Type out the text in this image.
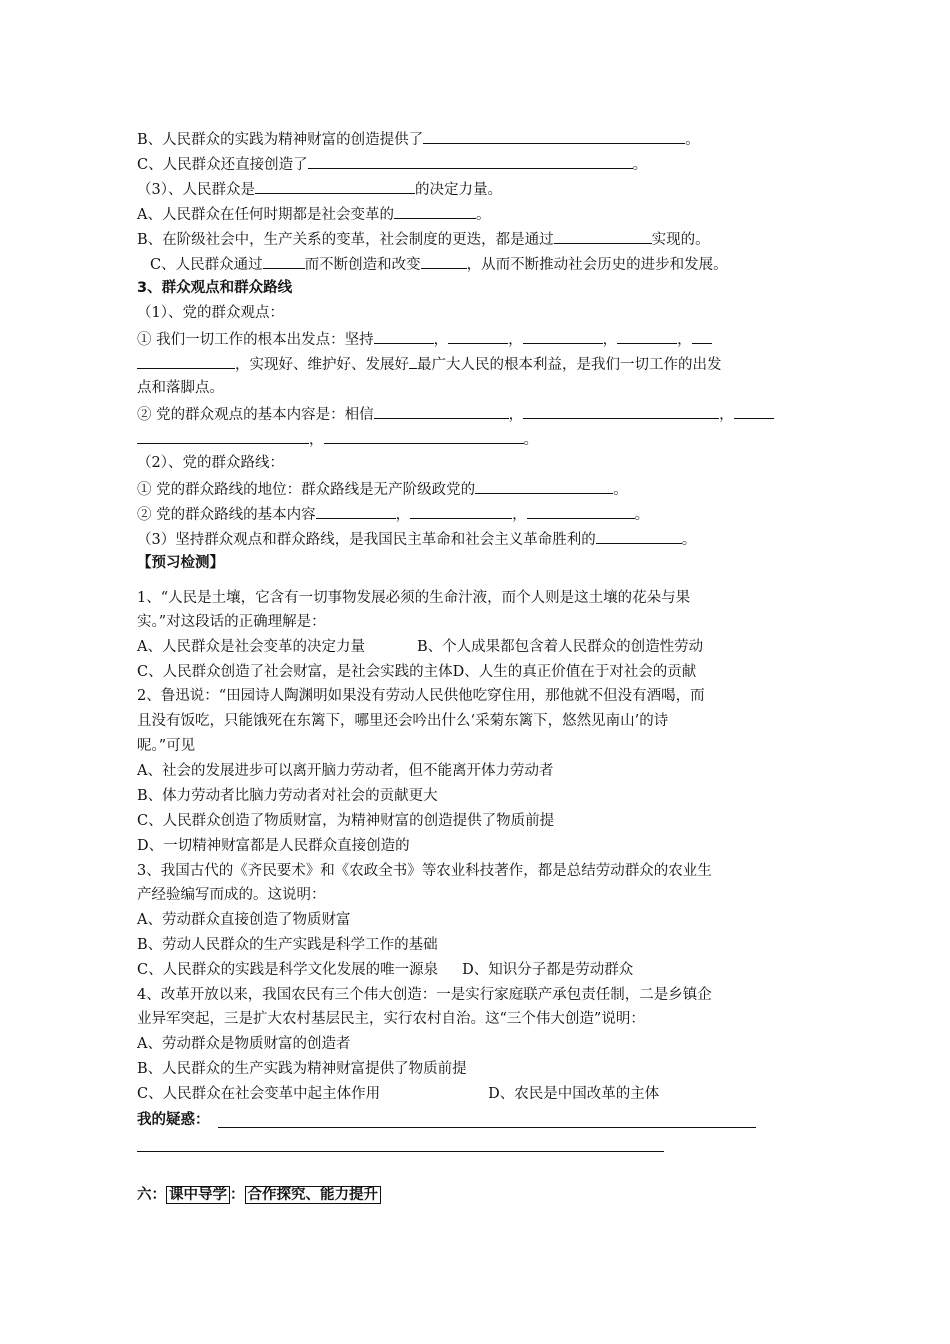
B、人民群众的实践为精神财富的创造提供了	。
C、人民群众还直接创造了	。
（3）、人民群众是	的决定力量。
A、人民群众在任何时期都是社会变革的	。
B、在阶级社会中，生产关系的变革，社会制度的更迭，都是通过	实现的。
C、人民群众通过	而不断创造和改变	，从而不断推动社会历史的进步和发展。
3、群众观点和群众路线
（1）、党的群众观点：
① 我们一切工作的根本出发点：坚持	，	，	，	，
，实现好、维护好、发展好 最广大人民的根本利益，是我们一切工作的出发
点和落脚点。
② 党的群众观点的基本内容是：相信	，	，
，	。
（2）、党的群众路线：
① 党的群众路线的地位：群众路线是无产阶级政党的	。
② 党的群众路线的基本内容	，	，	。
（3）坚持群众观点和群众路线，是我国民主革命和社会主义革命胜利的	。
【预习检测】
1、“人民是土壤，它含有一切事物发展必须的生命汁液，而个人则是这土壤的花朵与果
实。”对这段话的正确理解是：
A、人民群众是社会变革的决定力量	B、个人成果都包含着人民群众的创造性劳动
C、人民群众创造了社会财富，是社会实践的主体D、人生的真正价值在于对社会的贡献
2、鲁迅说：“田园诗人陶渊明如果没有劳动人民供他吃穿住用，那他就不但没有酒喝，而
且没有饭吃，只能饿死在东篱下，哪里还会吟出什么‘采菊东篱下，悠然见南山’的诗
呢。”可见
A、社会的发展进步可以离开脑力劳动者，但不能离开体力劳动者
B、体力劳动者比脑力劳动者对社会的贡献更大
C、人民群众创造了物质财富，为精神财富的创造提供了物质前提
D、一切精神财富都是人民群众直接创造的
3、我国古代的《齐民要术》和《农政全书》等农业科技著作，都是总结劳动群众的农业生
产经验编写而成的。这说明：
A、劳动群众直接创造了物质财富
B、劳动人民群众的生产实践是科学工作的基础
C、人民群众的实践是科学文化发展的唯一源泉 D、知识分子都是劳动群众
4、改革开放以来，我国农民有三个伟大创造：一是实行家庭联产承包责任制，二是乡镇企
业异军突起，三是扩大农村基层民主，实行农村自治。这“三个伟大创造”说明：
A、劳动群众是物质财富的创造者
B、人民群众的生产实践为精神财富提供了物质前提
C、人民群众在社会变革中起主体作用	D、农民是中国改革的主体
我的疑惑：
六： 课中导学 ： 合作探究、能力提升
